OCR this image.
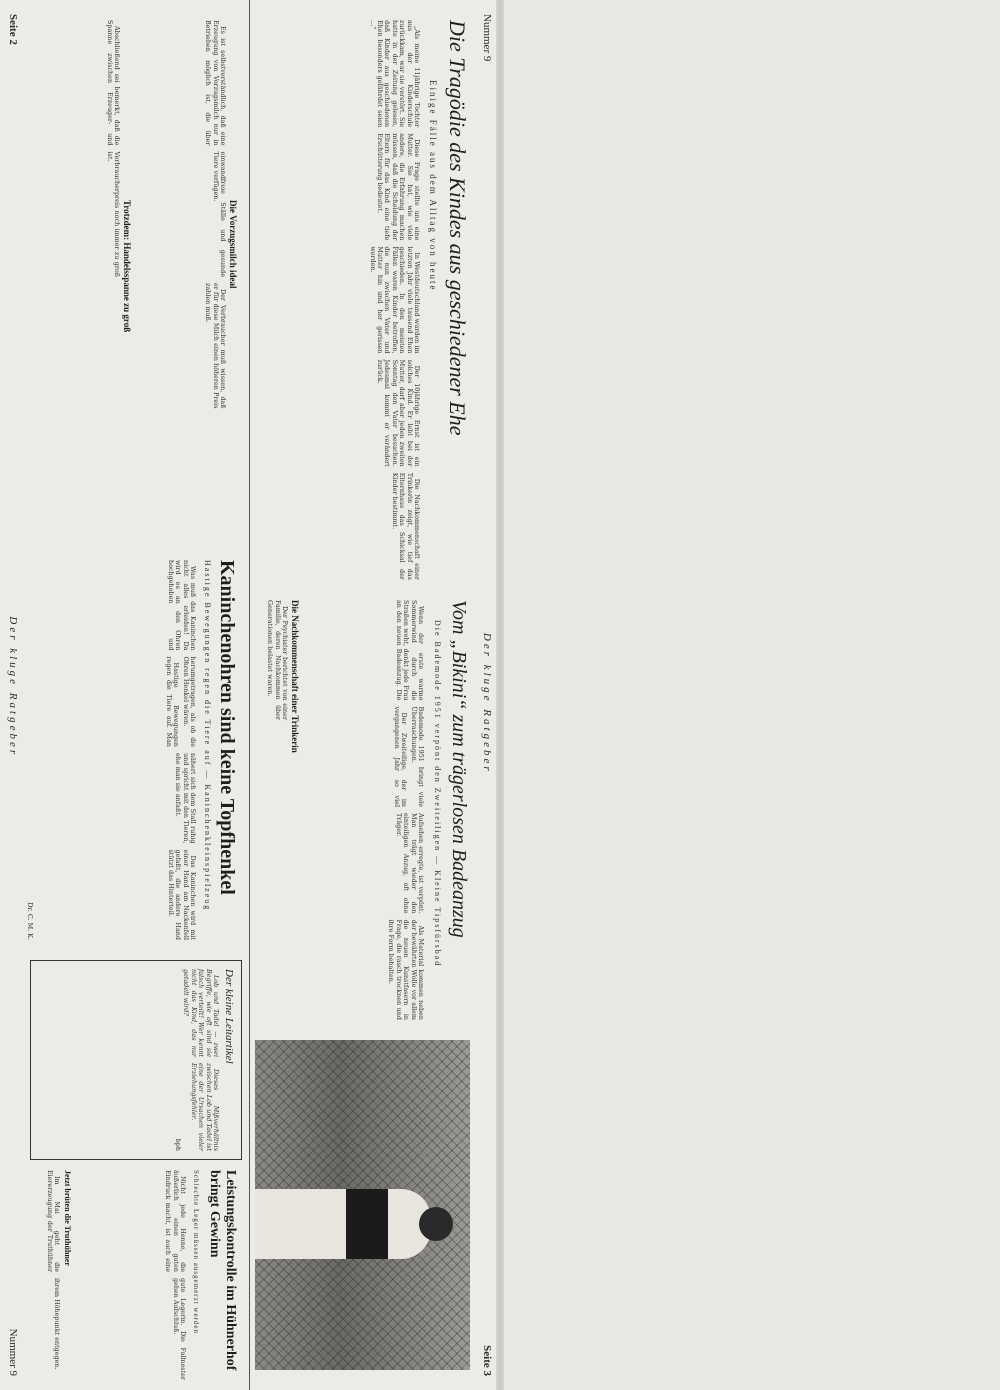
Nummer 9
Der kluge Ratgeber
Seite 3
Die Tragödie des Kindes aus geschiedener Ehe
Einige Fälle aus dem Alltag von heute

„Als meine 11jährige Tochter aus der Kinderschule zurückkam, war sie verstört. Sie hatte in der Zeitung gelesen, daß Kinder aus geschiedenen Ehen besonders gefährdet seien ...“

Diese Frage stellte uns eine Mutter. Sie hat, wie viele andere, die Erfahrung machen müssen, daß die Scheidung der Eltern für das Kind eine tiefe Erschütterung bedeutet.

In Westdeutschland wurden im letzten Jahr viele tausend Ehen geschieden. In den meisten Fällen waren Kinder betroffen, die nun zwischen Vater und Mutter hin und her gerissen werden.

Der 10jährige Ernst ist ein solches Kind. Er lebt bei der Mutter, darf aber jeden zweiten Sonntag den Vater besuchen. Jedesmal kommt er verändert zurück.

Die Nachkommenschaft einer Trinkerin zeigt, wie tief das Elternhaus das Schicksal der Kinder bestimmt.

Die Nachkommenschaft einer Trinkerin

Der Psychiater berichtet von einer Familie, deren Nachkommen über Generationen belastet waren.	Vom „Bikini“ zum trägerlosen Badeanzug
Die Bademode 1951 verpönt den Zweiteiligen — Kleine Tipsfürsbad

Wenn der erste warme Sommerwind durch die Straßen weht, denkt jede Frau an den neuen Badeanzug. Die Bademode 1951 bringt viele Überraschungen.

Der Zweiteilige, der im vergangenen Jahr so viel Aufsehen erregte, ist verpönt. Man trägt wieder den einteiligen Anzug, oft ohne Träger.

Als Material kommen neben der bewährten Wolle vor allem die neuen Kunstfasern in Frage, die rasch trocknen und ihre Form behalten.

Seite 2
Der kluge Ratgeber
Nummer 9
Kaninchenohren sind keine Topfhenkel
Hastige Bewegungen regen die Tiere auf — Kaninchenkleinspielzeug

Was muß das Kaninchen nicht alles erleiden! Da wird es an den Ohren hochgehoben und herumgetragen, als ob die Ohren Henkel wären.

Hastige Bewegungen regen die Tiere auf. Man nähert sich dem Stall ruhig und spricht mit den Tieren, ehe man sie anfaßt.

Das Kaninchen wird mit einer Hand am Nackenfell gefaßt, die andere Hand stützt das Hinterteil.

Dr. C. M. K.
Die Vorzugsmilch ideal

Es ist selbstverständlich, daß eine Erzeugung von Vorzugsmilch nur in Betrieben möglich ist, die über einwandfreie Ställe und gesunde Tiere verfügen.

Der Verbraucher muß wissen, daß er für diese Milch einen höheren Preis zahlen muß.

Trotzdem: Handelsspanne zu groß

Abschließend sei bemerkt, daß die Spanne zwischen Erzeuger- und Verbraucherpreis noch immer zu groß ist.

Der kleine Leitartikel

Lob und Tadel — zwei Begriffe, wie oft sind sie falsch verteilt! Wer kennt nicht das Kind, das nur getadelt wird?

Dieses Mißverhältnis zwischen Lob und Tadel ist eine der Ursachen vieler Erziehungsfehler.

bph
Leistungskontrolle im Hühnerhof bringt Gewinn
Schlechte Leger müssen ausgemerzt werden

Nicht jede Henne, die äußerlich einen guten Eindruck macht, ist auch eine gute Legerin. Die Fallnester geben Aufschluß.

Jetzt brüten die Truthühner

Im Mai geht die Eiererzeugung der Truthühner ihrem Höhepunkt entgegen.
